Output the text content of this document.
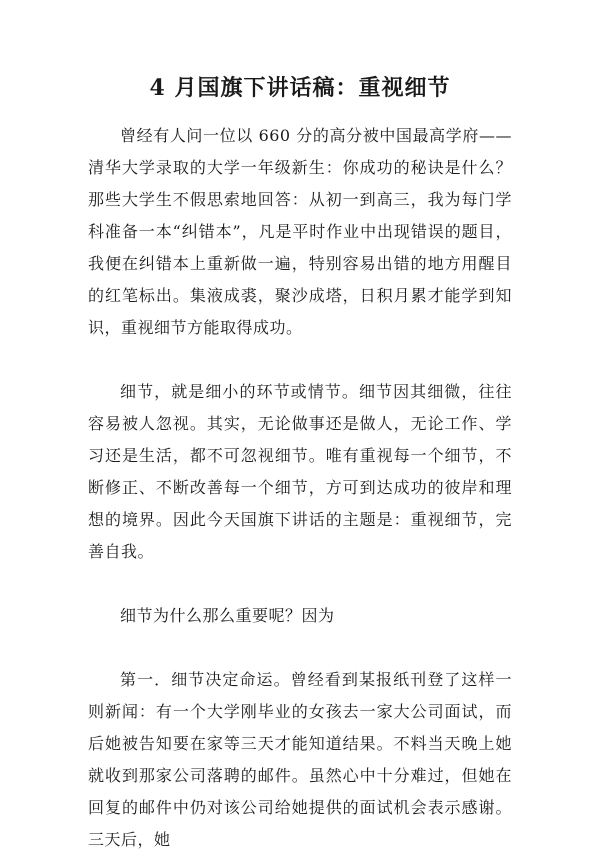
4 月国旗下讲话稿：重视细节

曾经有人问一位以 660 分的高分被中国最高学府——清华大学录取的大学一年级新生：你成功的秘诀是什么？那些大学生不假思索地回答：从初一到高三，我为每门学科准备一本“纠错本”，凡是平时作业中出现错误的题目，我便在纠错本上重新做一遍，特别容易出错的地方用醒目的红笔标出。集液成裘，聚沙成塔，日积月累才能学到知识，重视细节方能取得成功。

细节，就是细小的环节或情节。细节因其细微，往往容易被人忽视。其实，无论做事还是做人，无论工作、学习还是生活，都不可忽视细节。唯有重视每一个细节，不断修正、不断改善每一个细节，方可到达成功的彼岸和理想的境界。因此今天国旗下讲话的主题是：重视细节，完善自我。

细节为什么那么重要呢？因为

第一．细节决定命运。曾经看到某报纸刊登了这样一则新闻：有一个大学刚毕业的女孩去一家大公司面试，而后她被告知要在家等三天才能知道结果。不料当天晚上她就收到那家公司落聘的邮件。虽然心中十分难过，但她在回复的邮件中仍对该公司给她提供的面试机会表示感谢。三天后，她
